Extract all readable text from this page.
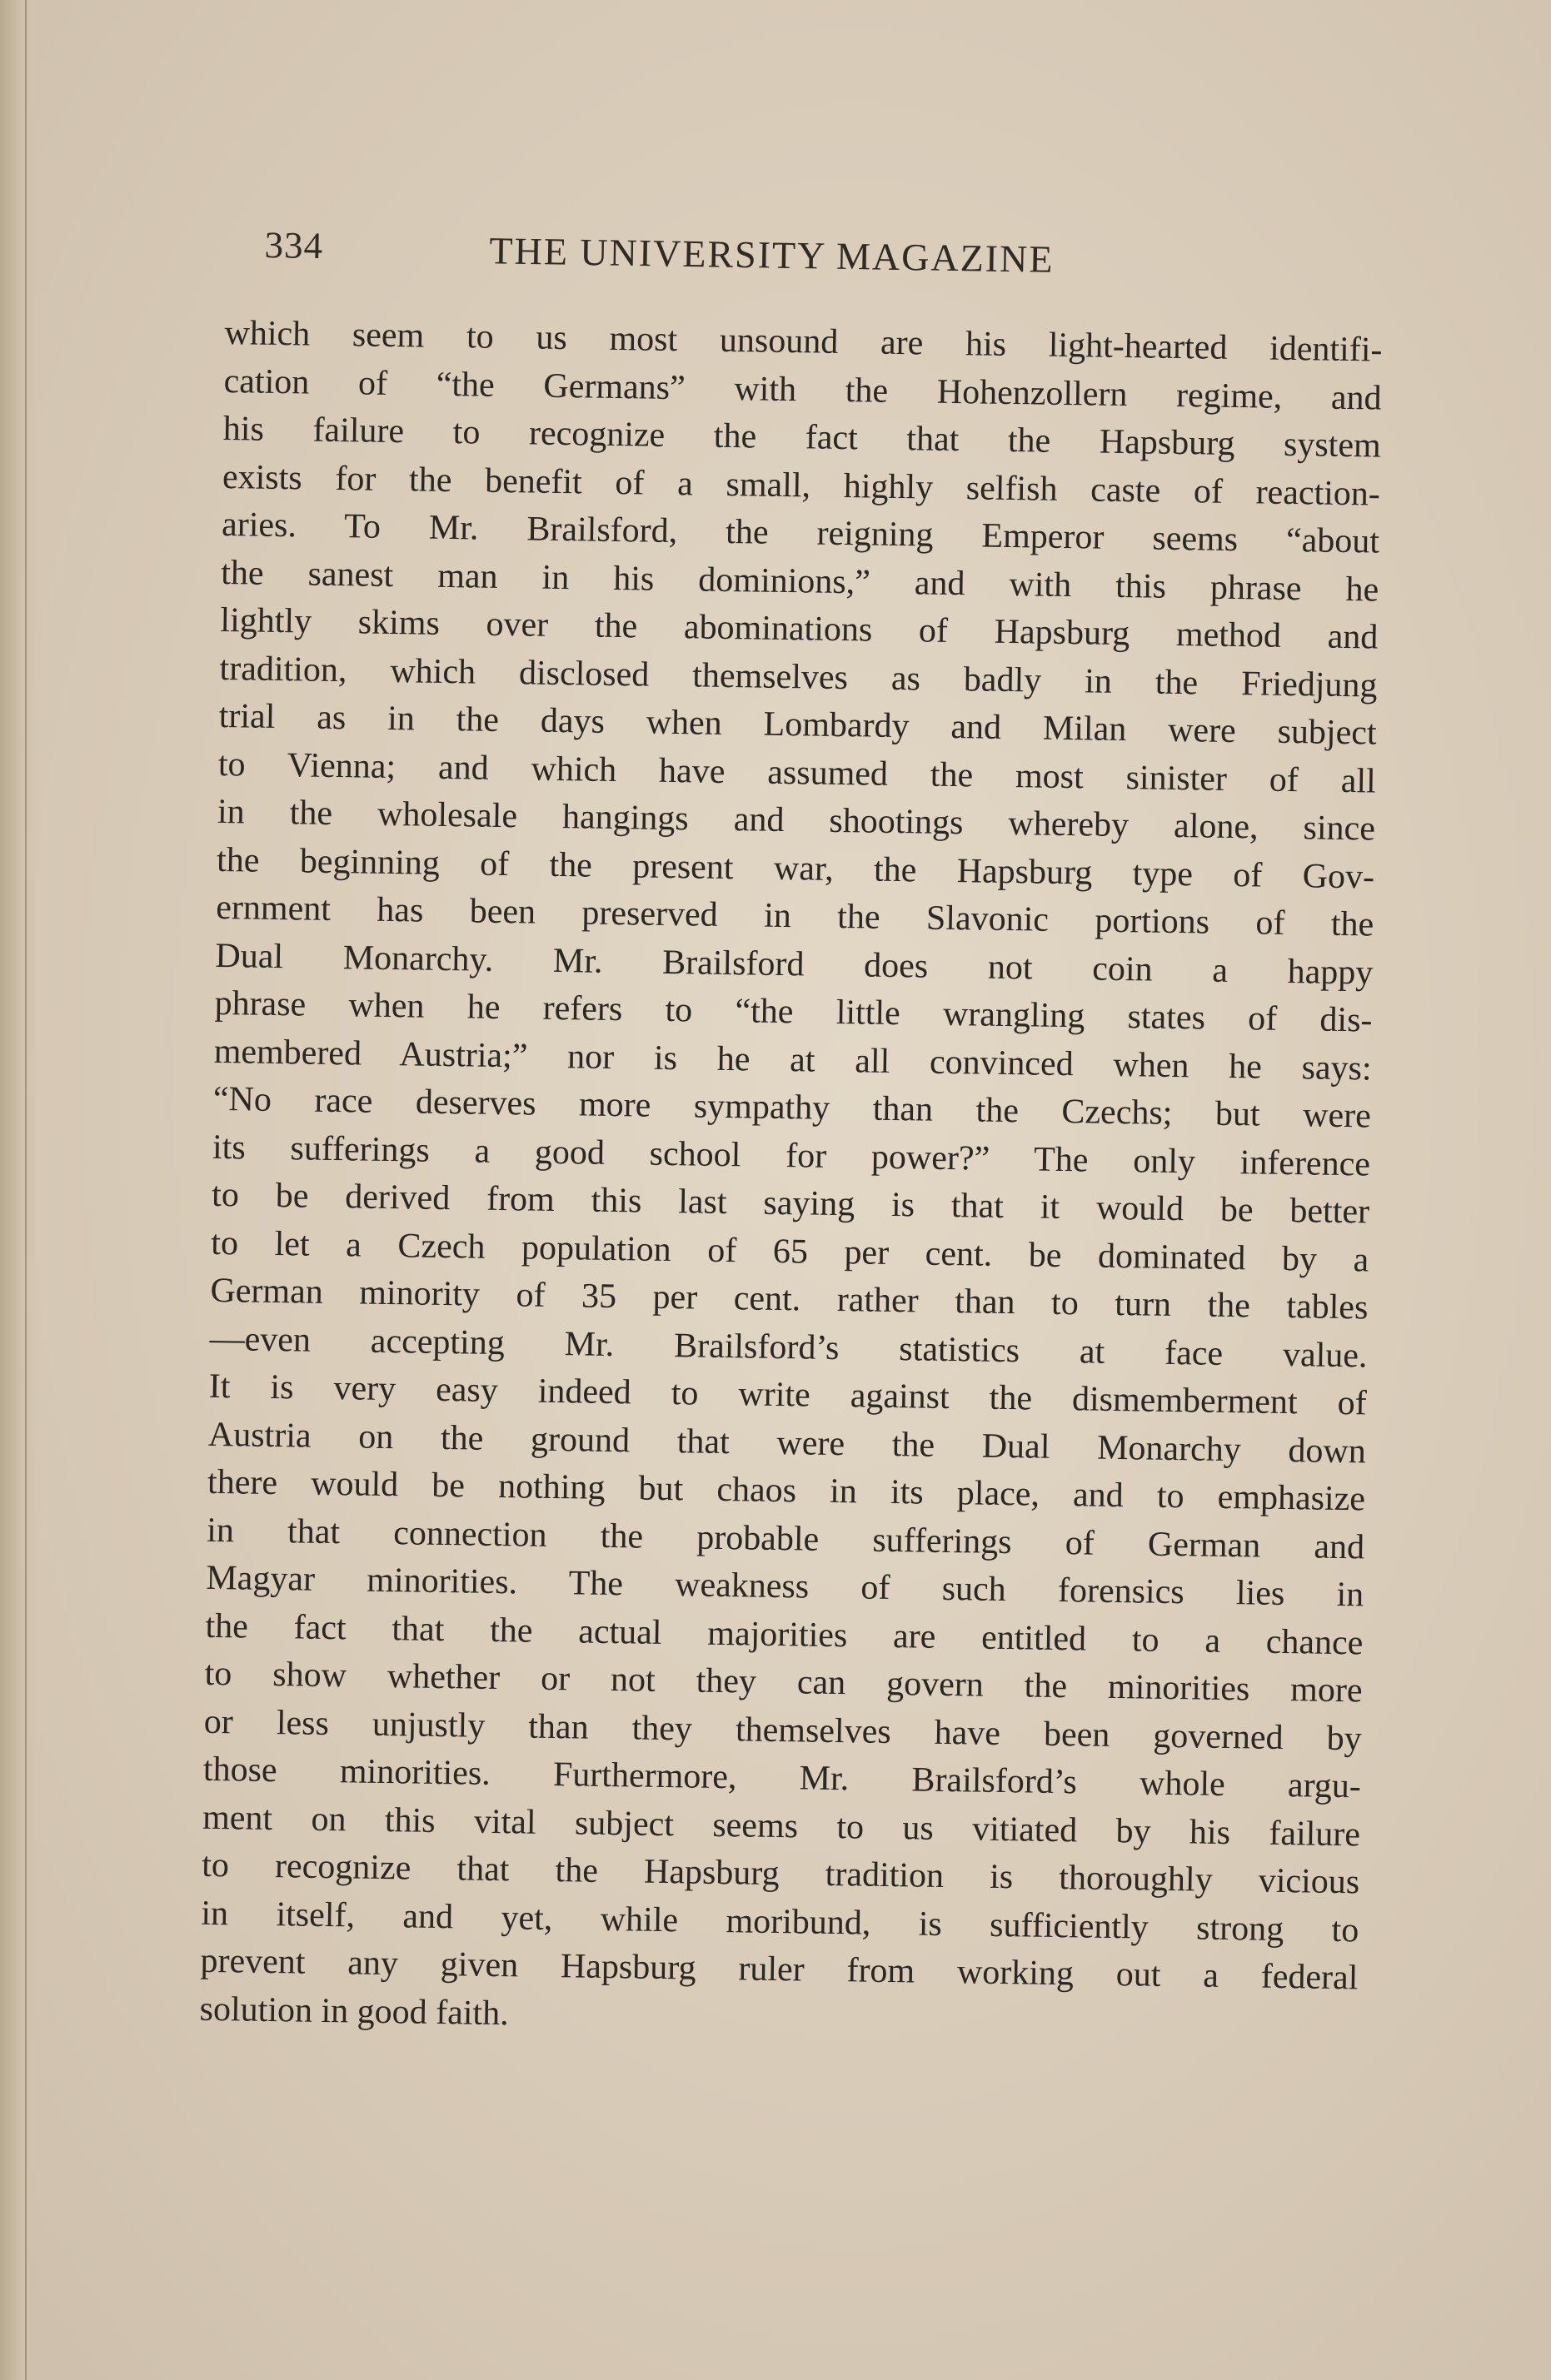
334	THE UNIVERSITY MAGAZINE
which seem to us most unsound are his light-hearted identifi-
cation of “the Germans” with the Hohenzollern regime, and
his failure to recognize the fact that the Hapsburg system
exists for the benefit of a small, highly selfish caste of reaction-
aries. To Mr. Brailsford, the reigning Emperor seems “about
the sanest man in his dominions,” and with this phrase he
lightly skims over the abominations of Hapsburg method and
tradition, which disclosed themselves as badly in the Friedjung
trial as in the days when Lombardy and Milan were subject
to Vienna; and which have assumed the most sinister of all
in the wholesale hangings and shootings whereby alone, since
the beginning of the present war, the Hapsburg type of Gov-
ernment has been preserved in the Slavonic portions of the
Dual Monarchy. Mr. Brailsford does not coin a happy
phrase when he refers to “the little wrangling states of dis-
membered Austria;” nor is he at all convinced when he says:
“No race deserves more sympathy than the Czechs; but were
its sufferings a good school for power?” The only inference
to be derived from this last saying is that it would be better
to let a Czech population of 65 per cent. be dominated by a
German minority of 35 per cent. rather than to turn the tables
—even accepting Mr. Brailsford’s statistics at face value.
It is very easy indeed to write against the dismemberment of
Austria on the ground that were the Dual Monarchy down
there would be nothing but chaos in its place, and to emphasize
in that connection the probable sufferings of German and
Magyar minorities. The weakness of such forensics lies in
the fact that the actual majorities are entitled to a chance
to show whether or not they can govern the minorities more
or less unjustly than they themselves have been governed by
those minorities. Furthermore, Mr. Brailsford’s whole argu-
ment on this vital subject seems to us vitiated by his failure
to recognize that the Hapsburg tradition is thoroughly vicious
in itself, and yet, while moribund, is sufficiently strong to
prevent any given Hapsburg ruler from working out a federal
solution in good faith.
